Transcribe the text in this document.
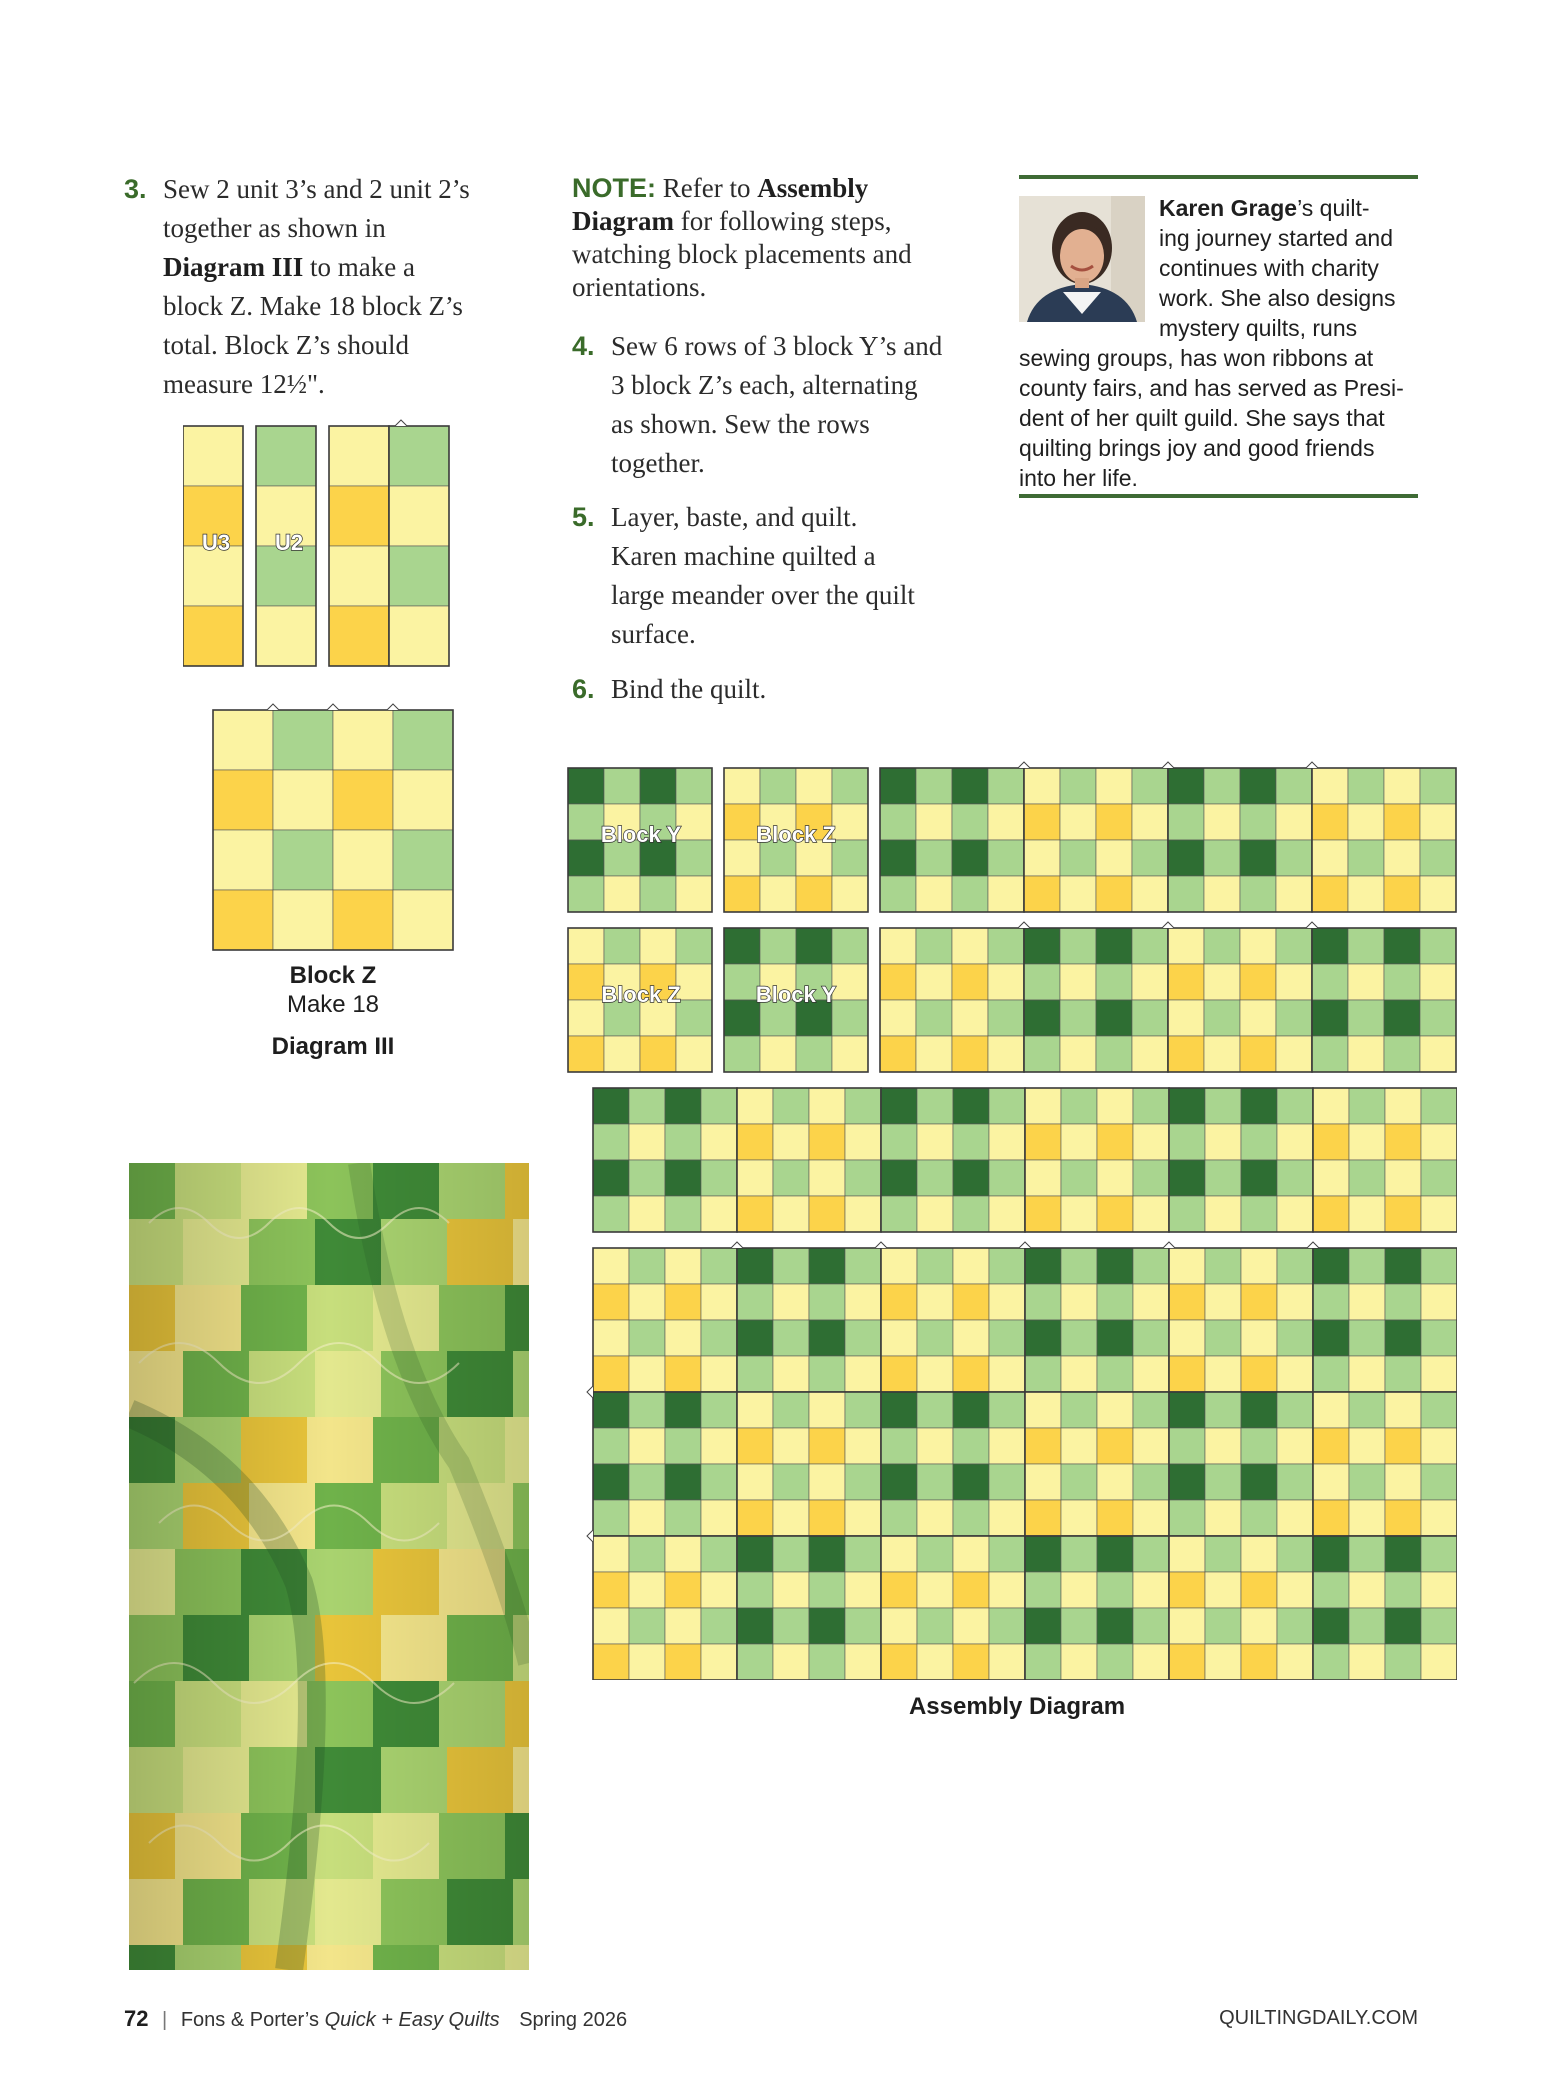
3. Sew 2 unit 3’s and 2 unit 2’s
together as shown in
Diagram III to make a
block Z. Make 18 block Z’s
total. Block Z’s should
measure 12½".
NOTE: Refer to Assembly
Diagram for following steps,
watching block placements and
orientations.
4. Sew 6 rows of 3 block Y’s and
3 block Z’s each, alternating
as shown. Sew the rows
together.
5. Layer, baste, and quilt.
Karen machine quilted a
large meander over the quilt
surface.
6. Bind the quilt.
Karen Grage’s quilt-
ing journey started and
continues with charity
work. She also designs
mystery quilts, runs
sewing groups, has won ribbons at
county fairs, and has served as Presi-
dent of her quilt guild. She says that
quilting brings joy and good friends
into her life.
U3	U2
Block Z
Make 18
Diagram III
Block Y	Block Z
Block Z	Block Y
Assembly Diagram
72 | Fons & Porter’s Quick + Easy Quilts Spring 2026	QUILTINGDAILY.COM
